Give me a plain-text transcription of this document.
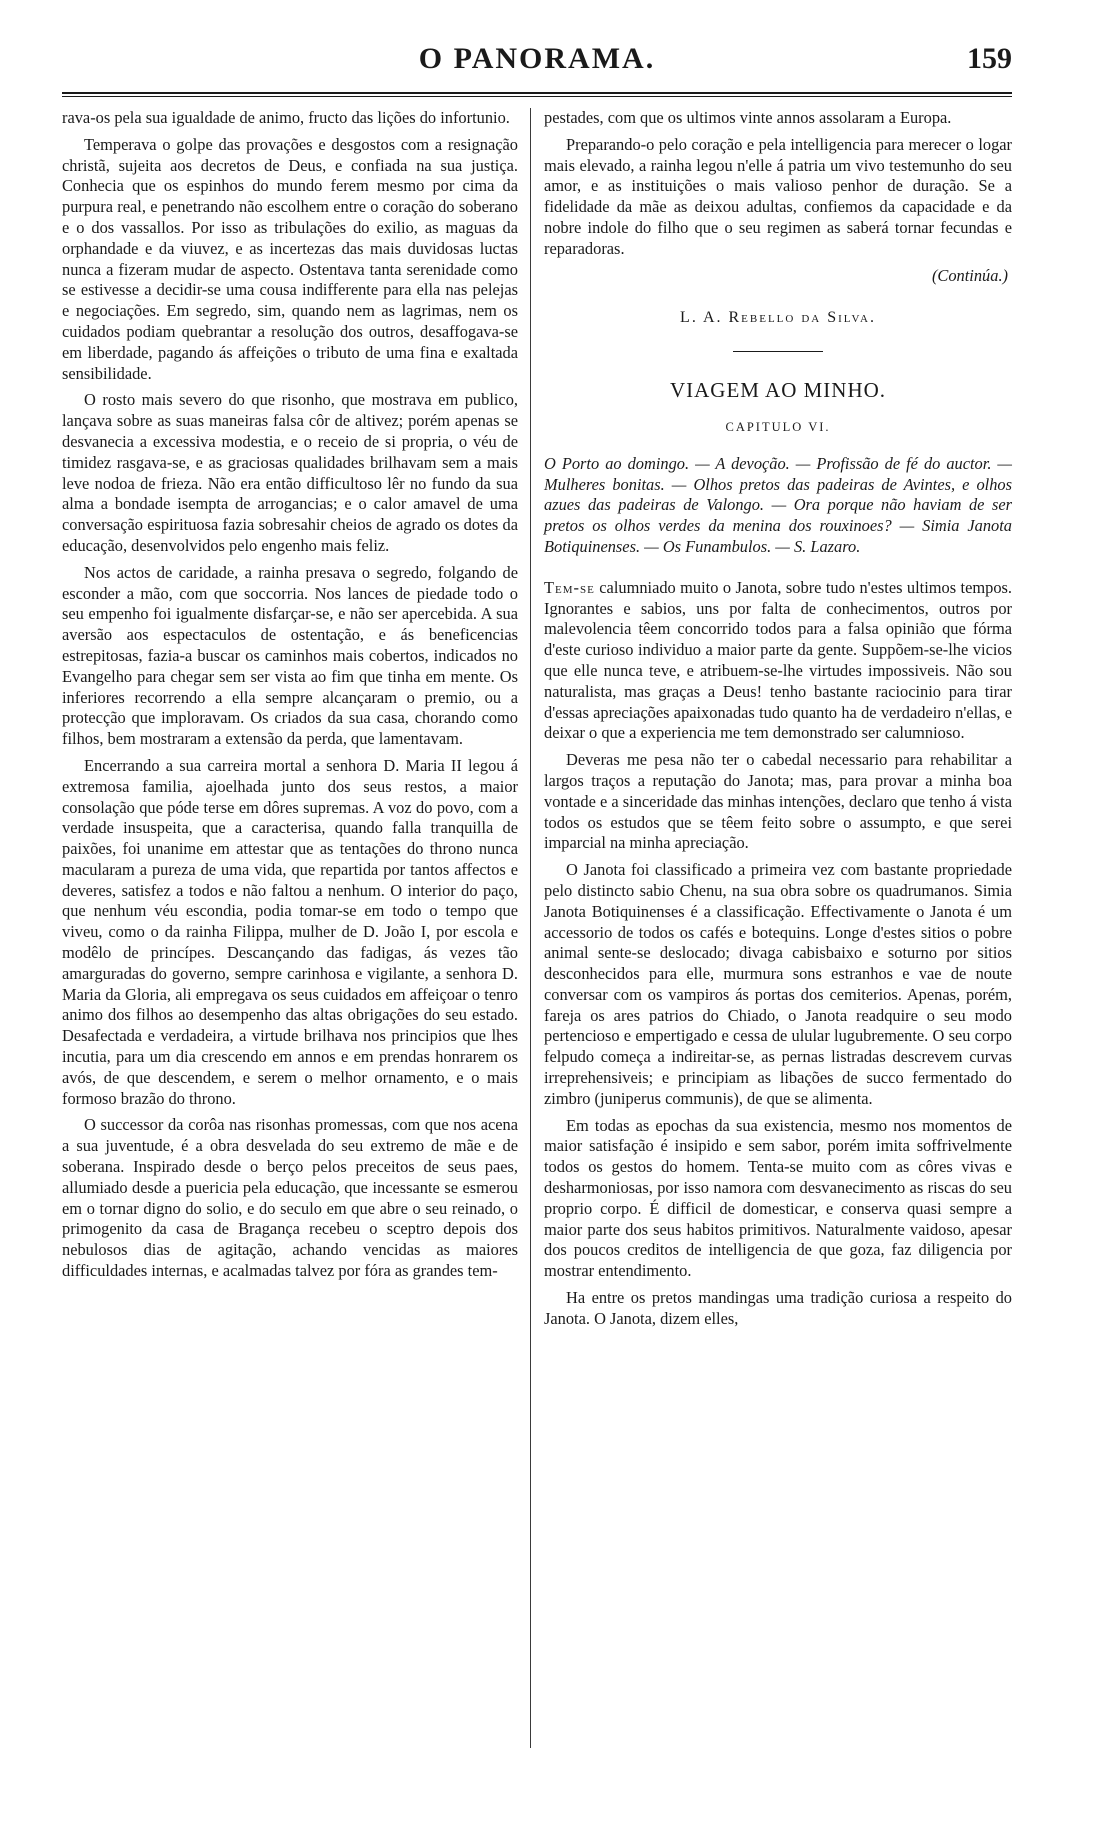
O PANORAMA.	159

rava-os pela sua igualdade de animo, fructo das lições do infortunio.

Temperava o golpe das provações e desgostos com a resignação christã, sujeita aos decretos de Deus, e confiada na sua justiça. Conhecia que os espinhos do mundo ferem mesmo por cima da purpura real, e penetrando não escolhem entre o coração do soberano e o dos vassallos. Por isso as tribulações do exilio, as maguas da orphandade e da viuvez, e as incertezas das mais duvidosas luctas nunca a fizeram mudar de aspecto. Ostentava tanta serenidade como se estivesse a decidir-se uma cousa indifferente para ella nas pelejas e negociações. Em segredo, sim, quando nem as lagrimas, nem os cuidados podiam quebrantar a resolução dos outros, desaffogava-se em liberdade, pagando ás affeições o tributo de uma fina e exaltada sensibilidade.

O rosto mais severo do que risonho, que mostrava em publico, lançava sobre as suas maneiras falsa côr de altivez; porém apenas se desvanecia a excessiva modestia, e o receio de si propria, o véu de timidez rasgava-se, e as graciosas qualidades brilhavam sem a mais leve nodoa de frieza. Não era então difficultoso lêr no fundo da sua alma a bondade isempta de arrogancias; e o calor amavel de uma conversação espirituosa fazia sobresahir cheios de agrado os dotes da educação, desenvolvidos pelo engenho mais feliz.

Nos actos de caridade, a rainha presava o segredo, folgando de esconder a mão, com que soccorria. Nos lances de piedade todo o seu empenho foi igualmente disfarçar-se, e não ser apercebida. A sua aversão aos espectaculos de ostentação, e ás beneficencias estrepitosas, fazia-a buscar os caminhos mais cobertos, indicados no Evangelho para chegar sem ser vista ao fim que tinha em mente. Os inferiores recorrendo a ella sempre alcançaram o premio, ou a protecção que imploravam. Os criados da sua casa, chorando como filhos, bem mostraram a extensão da perda, que lamentavam.

Encerrando a sua carreira mortal a senhora D. Maria II legou á extremosa familia, ajoelhada junto dos seus restos, a maior consolação que póde terse em dôres supremas. A voz do povo, com a verdade insuspeita, que a caracterisa, quando falla tranquilla de paixões, foi unanime em attestar que as tentações do throno nunca macularam a pureza de uma vida, que repartida por tantos affectos e deveres, satisfez a todos e não faltou a nenhum. O interior do paço, que nenhum véu escondia, podia tomar-se em todo o tempo que viveu, como o da rainha Filippa, mulher de D. João I, por escola e modêlo de princípes. Descançando das fadigas, ás vezes tão amarguradas do governo, sempre carinhosa e vigilante, a senhora D. Maria da Gloria, ali empregava os seus cuidados em affeiçoar o tenro animo dos filhos ao desempenho das altas obrigações do seu estado. Desafectada e verdadeira, a virtude brilhava nos principios que lhes incutia, para um dia crescendo em annos e em prendas honrarem os avós, de que descendem, e serem o melhor ornamento, e o mais formoso brazão do throno.

O successor da corôa nas risonhas promessas, com que nos acena a sua juventude, é a obra desvelada do seu extremo de mãe e de soberana. Inspirado desde o berço pelos preceitos de seus paes, allumiado desde a puericia pela educação, que incessante se esmerou em o tornar digno do solio, e do seculo em que abre o seu reinado, o primogenito da casa de Bragança recebeu o sceptro depois dos nebulosos dias de agitação, achando vencidas as maiores difficuldades internas, e acalmadas talvez por fóra as grandes tem-

pestades, com que os ultimos vinte annos assolaram a Europa.

Preparando-o pelo coração e pela intelligencia para merecer o logar mais elevado, a rainha legou n'elle á patria um vivo testemunho do seu amor, e as instituições o mais valioso penhor de duração. Se a fidelidade da mãe as deixou adultas, confiemos da capacidade e da nobre indole do filho que o seu regimen as saberá tornar fecundas e reparadoras.

(Continúa.)
L. A. Rebello da Silva.
VIAGEM AO MINHO.
CAPITULO VI.
O Porto ao domingo. — A devoção. — Profissão de fé do auctor. — Mulheres bonitas. — Olhos pretos das padeiras de Avintes, e olhos azues das padeiras de Valongo. — Ora porque não haviam de ser pretos os olhos verdes da menina dos rouxinoes? — Simia Janota Botiquinenses. — Os Funambulos. — S. Lazaro.

Tem-se calumniado muito o Janota, sobre tudo n'estes ultimos tempos. Ignorantes e sabios, uns por falta de conhecimentos, outros por malevolencia têem concorrido todos para a falsa opinião que fórma d'este curioso individuo a maior parte da gente. Suppõem-se-lhe vicios que elle nunca teve, e atribuem-se-lhe virtudes impossiveis. Não sou naturalista, mas graças a Deus! tenho bastante raciocinio para tirar d'essas apreciações apaixonadas tudo quanto ha de verdadeiro n'ellas, e deixar o que a experiencia me tem demonstrado ser calumnioso.

Deveras me pesa não ter o cabedal necessario para rehabilitar a largos traços a reputação do Janota; mas, para provar a minha boa vontade e a sinceridade das minhas intenções, declaro que tenho á vista todos os estudos que se têem feito sobre o assumpto, e que serei imparcial na minha apreciação.

O Janota foi classificado a primeira vez com bastante propriedade pelo distincto sabio Chenu, na sua obra sobre os quadrumanos. Simia Janota Botiquinenses é a classificação. Effectivamente o Janota é um accessorio de todos os cafés e botequins. Longe d'estes sitios o pobre animal sente-se deslocado; divaga cabisbaixo e soturno por sitios desconhecidos para elle, murmura sons estranhos e vae de noute conversar com os vampiros ás portas dos cemiterios. Apenas, porém, fareja os ares patrios do Chiado, o Janota readquire o seu modo pertencioso e empertigado e cessa de ulular lugubremente. O seu corpo felpudo começa a indireitar-se, as pernas listradas descrevem curvas irreprehensiveis; e principiam as libações de succo fermentado do zimbro (juniperus communis), de que se alimenta.

Em todas as epochas da sua existencia, mesmo nos momentos de maior satisfação é insipido e sem sabor, porém imita soffrivelmente todos os gestos do homem. Tenta-se muito com as côres vivas e desharmoniosas, por isso namora com desvanecimento as riscas do seu proprio corpo. É difficil de domesticar, e conserva quasi sempre a maior parte dos seus habitos primitivos. Naturalmente vaidoso, apesar dos poucos creditos de intelligencia de que goza, faz diligencia por mostrar entendimento.

Ha entre os pretos mandingas uma tradição curiosa a respeito do Janota. O Janota, dizem elles,
